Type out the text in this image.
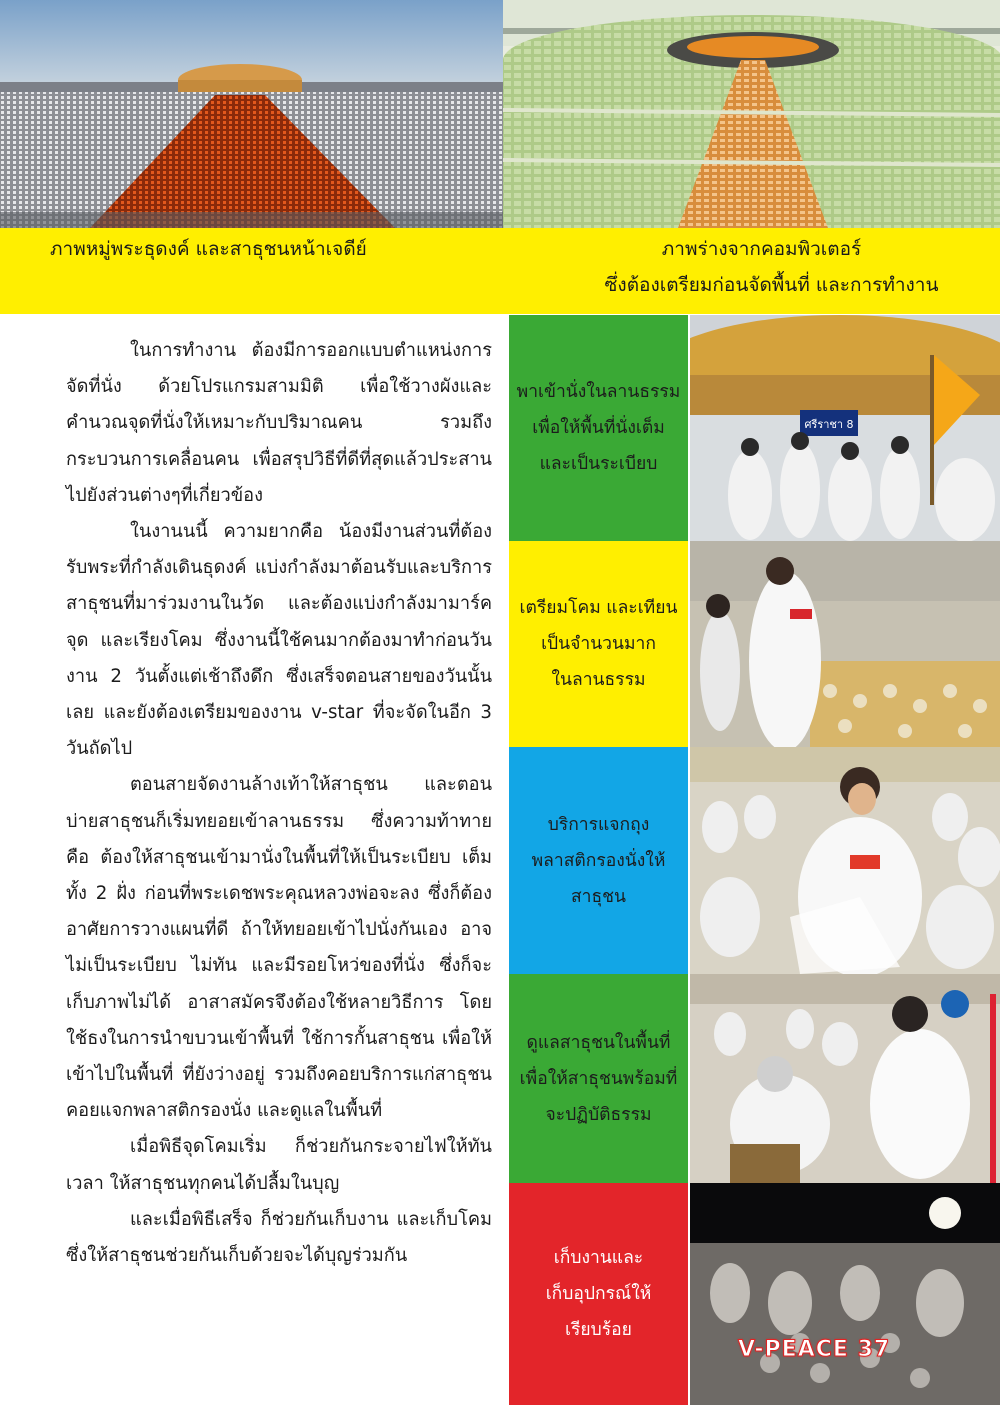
ภาพหมู่พระธุดงค์ และสาธุชนหน้าเจดีย์	ภาพร่างจากคอมพิวเตอร์
ซึ่งต้องเตรียมก่อนจัดพื้นที่ และการทำงาน

ในการทำงาน ต้องมีการออกแบบตำแหน่งการจัดที่นั่ง ด้วยโปรแกรมสามมิติ เพื่อใช้วางผังและคำนวณจุดที่นั่งให้เหมาะกับปริมาณคน รวมถึงกระบวนการเคลื่อนคน เพื่อสรุปวิธีที่ดีที่สุดแล้วประสานไปยังส่วนต่างๆที่เกี่ยวข้อง

ในงานนนี้ ความยากคือ น้องมีงานส่วนที่ต้องรับพระที่กำลังเดินธุดงค์ แบ่งกำลังมาต้อนรับและบริการสาธุชนที่มาร่วมงานในวัด และต้องแบ่งกำลังมามาร์คจุด และเรียงโคม ซึ่งงานนี้ใช้คนมากต้องมาทำก่อนวันงาน 2 วันตั้งแต่เช้าถึงดึก ซึ่งเสร็จตอนสายของวันนั้นเลย และยังต้องเตรียมของงาน v-star ที่จะจัดในอีก 3 วันถัดไป

ตอนสายจัดงานล้างเท้าให้สาธุชน และตอนบ่ายสาธุชนก็เริ่มทยอยเข้าลานธรรม ซึ่งความท้าทายคือ ต้องให้สาธุชนเข้ามานั่งในพื้นที่ให้เป็นระเบียบ เต็มทั้ง 2 ฝั่ง ก่อนที่พระเดชพระคุณหลวงพ่อจะลง ซึ่งก็ต้องอาศัยการวางแผนที่ดี ถ้าให้ทยอยเข้าไปนั่งกันเอง อาจไม่เป็นระเบียบ ไม่ทัน และมีรอยโหว่ของที่นั่ง ซึ่งก็จะเก็บภาพไม่ได้ อาสาสมัครจึงต้องใช้หลายวิธีการ โดยใช้ธงในการนำขบวนเข้าพื้นที่ ใช้การกั้นสาธุชน เพื่อให้เข้าไปในพื้นที่ ที่ยังว่างอยู่ รวมถึงคอยบริการแก่สาธุชน คอยแจกพลาสติกรองนั่ง และดูแลในพื้นที่

เมื่อพิธีจุดโคมเริ่ม ก็ช่วยกันกระจายไฟให้ทันเวลา ให้สาธุชนทุกคนได้ปลื้มในบุญ

และเมื่อพิธีเสร็จ ก็ช่วยกันเก็บงาน และเก็บโคม ซึ่งให้สาธุชนช่วยกันเก็บด้วยจะได้บุญร่วมกัน

พาเข้านั่งในลานธรรม
เพื่อให้พื้นที่นั่งเต็ม
และเป็นระเบียบ
ศรีราชา 8
เตรียมโคม และเทียน
เป็นจำนวนมาก
ในลานธรรม
บริการแจกถุง
พลาสติกรองนั่งให้
สาธุชน
ดูแลสาธุชนในพื้นที่
เพื่อให้สาธุชนพร้อมที่
จะปฏิบัติธรรม
เก็บงานและ
เก็บอุปกรณ์ให้
เรียบร้อย
V-PEACE 37
